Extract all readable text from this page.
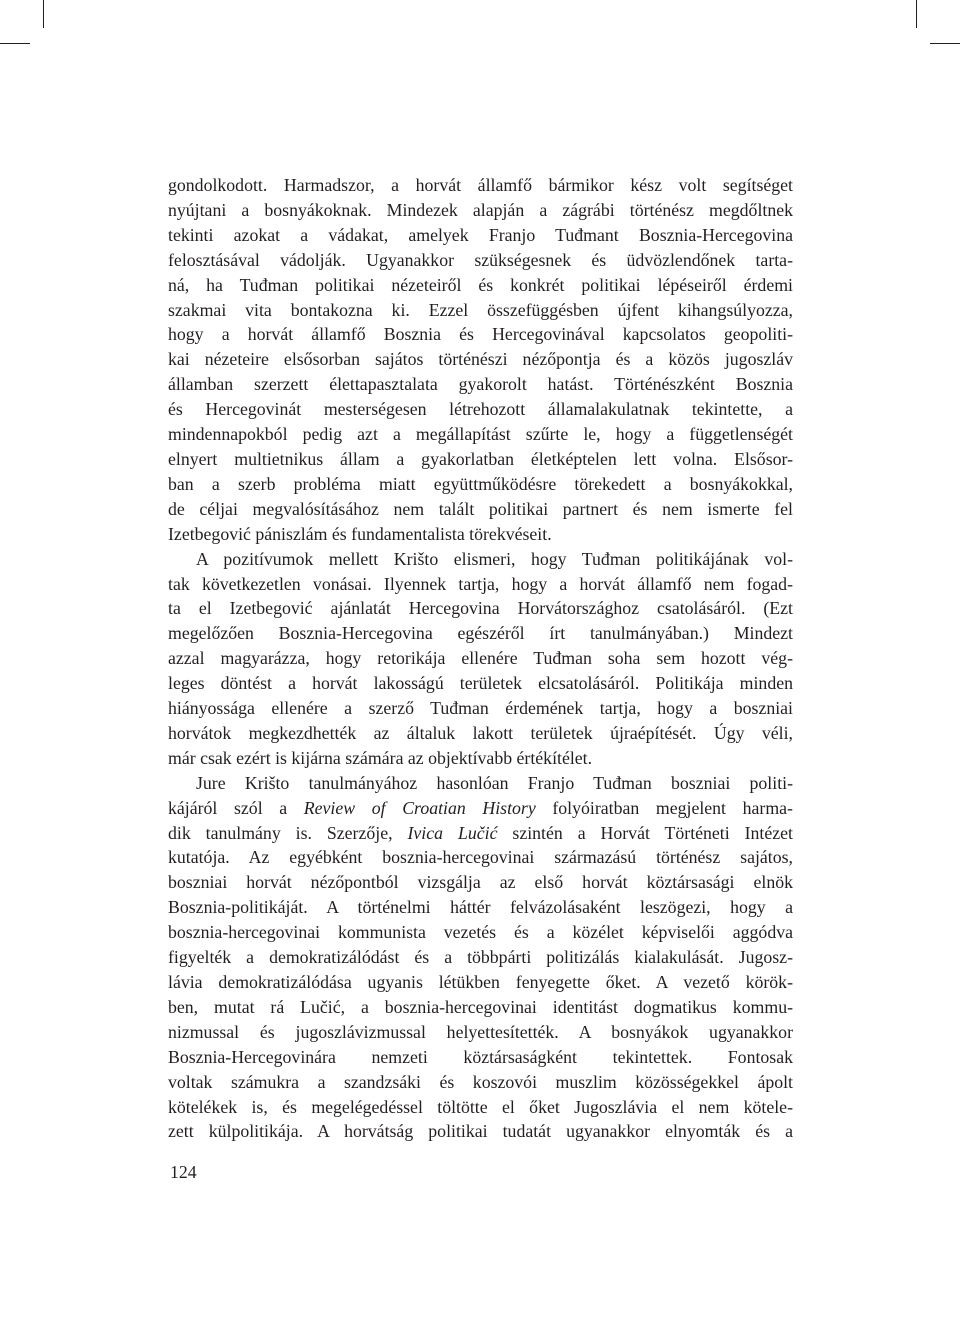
gondolkodott. Harmadszor, a horvát államfő bármikor kész volt segítséget
nyújtani a bosnyákoknak. Mindezek alapján a zágrábi történész megdőltnek
tekinti azokat a vádakat, amelyek Franjo Tuđmant Bosznia-Hercegovina
felosztásával vádolják. Ugyanakkor szükségesnek és üdvözlendőnek tarta-
ná, ha Tuđman politikai nézeteiről és konkrét politikai lépéseiről érdemi
szakmai vita bontakozna ki. Ezzel összefüggésben újfent kihangsúlyozza,
hogy a horvát államfő Bosznia és Hercegovinával kapcsolatos geopoliti-
kai nézeteire elsősorban sajátos történészi nézőpontja és a közös jugoszláv
államban szerzett élettapasztalata gyakorolt hatást. Történészként Bosznia
és Hercegovinát mesterségesen létrehozott államalakulatnak tekintette, a
mindennapokból pedig azt a megállapítást szűrte le, hogy a függetlenségét
elnyert multietnikus állam a gyakorlatban életképtelen lett volna. Elsősor-
ban a szerb probléma miatt együttműködésre törekedett a bosnyákokkal,
de céljai megvalósításához nem talált politikai partnert és nem ismerte fel
Izetbegović pániszlám és fundamentalista törekvéseit.
A pozitívumok mellett Krišto elismeri, hogy Tuđman politikájának vol-
tak következetlen vonásai. Ilyennek tartja, hogy a horvát államfő nem fogad-
ta el Izetbegović ajánlatát Hercegovina Horvátországhoz csatolásáról. (Ezt
megelőzően Bosznia-Hercegovina egészéről írt tanulmányában.) Mindezt
azzal magyarázza, hogy retorikája ellenére Tuđman soha sem hozott vég-
leges döntést a horvát lakosságú területek elcsatolásáról. Politikája minden
hiányossága ellenére a szerző Tuđman érdemének tartja, hogy a boszniai
horvátok megkezdhették az általuk lakott területek újraépítését. Úgy véli,
már csak ezért is kijárna számára az objektívabb értékítélet.
Jure Krišto tanulmányához hasonlóan Franjo Tuđman boszniai politi-
kájáról szól a Review of Croatian History folyóiratban megjelent harma-
dik tanulmány is. Szerzője, Ivica Lučić szintén a Horvát Történeti Intézet
kutatója. Az egyébként bosznia-hercegovinai származású történész sajátos,
boszniai horvát nézőpontból vizsgálja az első horvát köztársasági elnök
Bosznia-politikáját. A történelmi háttér felvázolásaként leszögezi, hogy a
bosznia-hercegovinai kommunista vezetés és a közélet képviselői aggódva
figyelték a demokratizálódást és a többpárti politizálás kialakulását. Jugosz-
lávia demokratizálódása ugyanis létükben fenyegette őket. A vezető körök-
ben, mutat rá Lučić, a bosznia-hercegovinai identitást dogmatikus kommu-
nizmussal és jugoszlávizmussal helyettesítették. A bosnyákok ugyanakkor
Bosznia-Hercegovinára nemzeti köztársaságként tekintettek. Fontosak
voltak számukra a szandzsáki és koszovói muszlim közösségekkel ápolt
kötelékek is, és megelégedéssel töltötte el őket Jugoszlávia el nem kötele-
zett külpolitikája. A horvátság politikai tudatát ugyanakkor elnyomták és a
124
